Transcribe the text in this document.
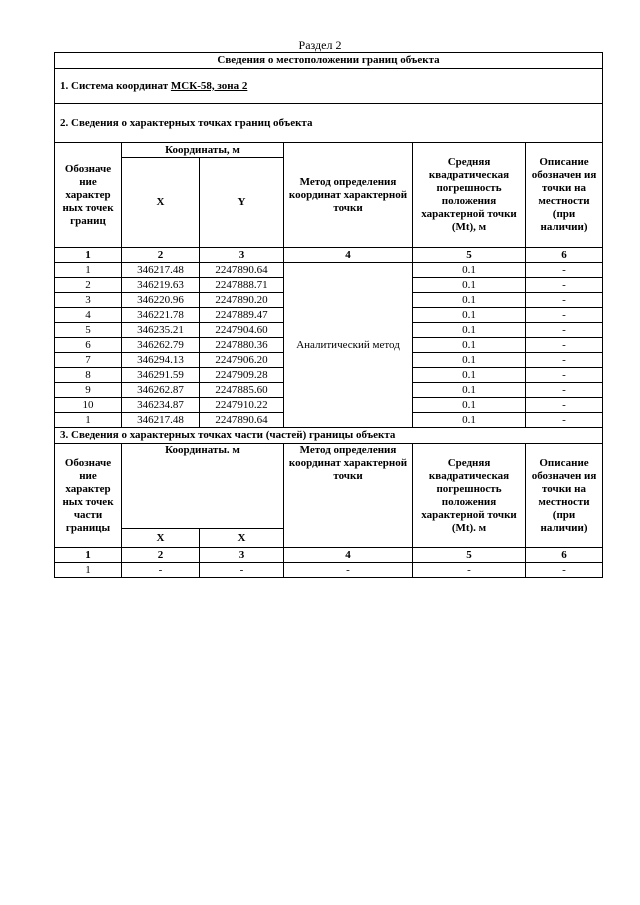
Раздел 2
Сведения о местоположении границ объекта					
1. Система координат МСК-58, зона 2					
2. Сведения о характерных точках границ объекта					
Обозначе ние характер ных точек границ	Координаты, м		Метод определения координат характерной точки	Средняя квадратическая погрешность положения характерной точки (Mt), м	Описание обозначен ия точки на местности (при наличии)
	X	Y			
1	2	3	4	5	6
1	346217.48	2247890.64	Аналитический метод	0.1	-
2	346219.63	2247888.71		0.1	-
3	346220.96	2247890.20		0.1	-
4	346221.78	2247889.47		0.1	-
5	346235.21	2247904.60		0.1	-
6	346262.79	2247880.36		0.1	-
7	346294.13	2247906.20		0.1	-
8	346291.59	2247909.28		0.1	-
9	346262.87	2247885.60		0.1	-
10	346234.87	2247910.22		0.1	-
1	346217.48	2247890.64		0.1	-
3. Сведения о характерных точках части (частей) границы объекта					
Обозначе ние характер ных точек части границы	Координаты. м		Метод определения координат характерной точки	Средняя квадратическая погрешность положения характерной точки (Mt). м	Описание обозначен ия точки на местности (при наличии)
	X	X			
1	2	3	4	5	6
1	-	-	-	-	-
